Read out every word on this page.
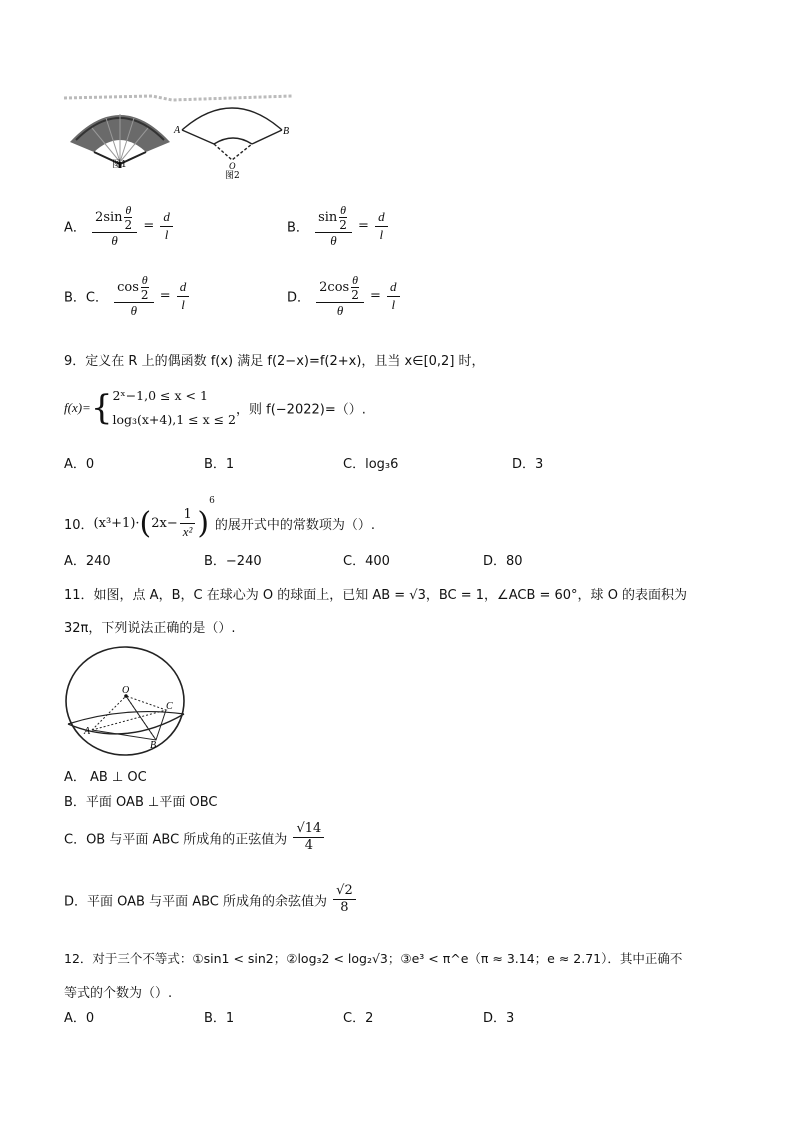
A	B
O
图1
图2
A． $\frac{2\sin \frac{\theta}{2}}{\theta} = \frac{d}{l}$	B． $\frac{\sin \frac{\theta}{2}}{\theta} = \frac{d}{l}$
B．C． $\frac{\cos \frac{\theta}{2}}{\theta} = \frac{d}{l}$	D． $\frac{2\cos \frac{\theta}{2}}{\theta} = \frac{d}{l}$
9．定义在 R 上的偶函数 f(x) 满足 f(2−x)=f(2+x)，且当 x∈[0,2] 时，
f(x)={ 2ˣ−1,0 ≤ x < 1
log₃(x+4),1 ≤ x ≤ 2
，则 f(−2022)=（）.
A．0	B．1	C．log₃6	D．3
10．$(x^3+1)\cdot(2x- \frac{1}{\text{x²}} )^6$的展开式中的常数项为（）.
A．240	B．−240	C．400	D．80
11．如图，点 A，B，C 在球心为 O 的球面上，已知 AB = √3，BC = 1，∠ACB = 60°，球 O 的表面积为
32π，下列说法正确的是（）.
O
A
B
C
A． AB ⊥ OC
B．平面 OAB ⊥平面 OBC
C．OB 与平面 ABC 所成角的正弦值为 $\frac{√14}{4}$
D．平面 OAB 与平面 ABC 所成角的余弦值为 $\frac{√2}{8}$
12．对于三个不等式：①sin1 < sin2；②log₃2 < log₂√3；③e³ < π^e（π ≈ 3.14；e ≈ 2.71）．其中正确不
等式的个数为（）.
A．0	B．1	C．2	D．3
